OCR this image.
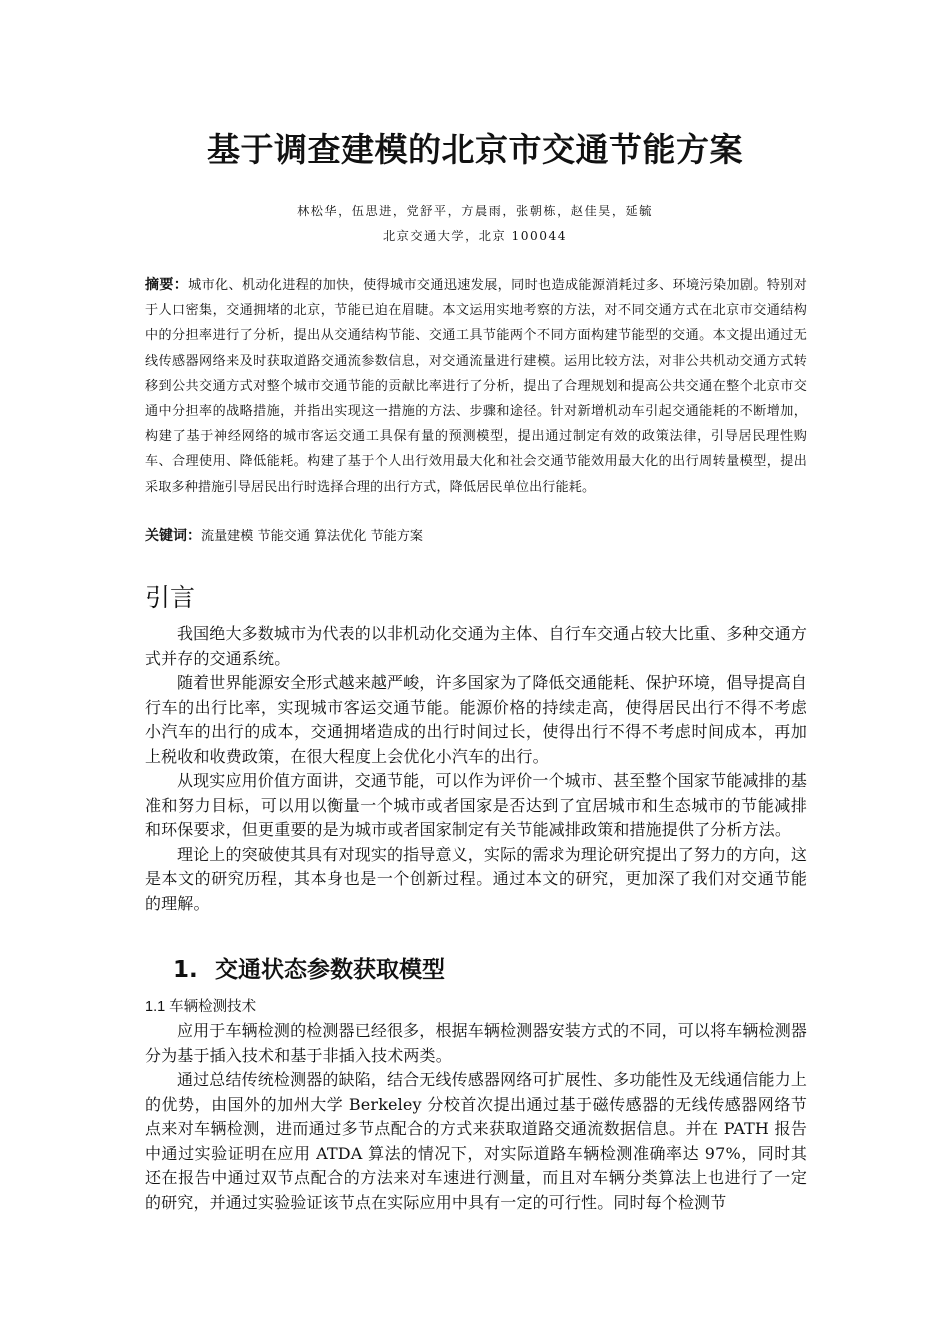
基于调查建模的北京市交通节能方案
林松华，伍思进，党舒平，方晨雨，张朝栋，赵佳昊，延毓
北京交通大学，北京 100044

摘要：城市化、机动化进程的加快，使得城市交通迅速发展，同时也造成能源消耗过多、环境污染加剧。特别对于人口密集，交通拥堵的北京，节能已迫在眉睫。本文运用实地考察的方法，对不同交通方式在北京市交通结构中的分担率进行了分析，提出从交通结构节能、交通工具节能两个不同方面构建节能型的交通。本文提出通过无线传感器网络来及时获取道路交通流参数信息，对交通流量进行建模。运用比较方法，对非公共机动交通方式转移到公共交通方式对整个城市交通节能的贡献比率进行了分析，提出了合理规划和提高公共交通在整个北京市交通中分担率的战略措施，并指出实现这一措施的方法、步骤和途径。针对新增机动车引起交通能耗的不断增加，构建了基于神经网络的城市客运交通工具保有量的预测模型，提出通过制定有效的政策法律，引导居民理性购车、合理使用、降低能耗。构建了基于个人出行效用最大化和社会交通节能效用最大化的出行周转量模型，提出采取多种措施引导居民出行时选择合理的出行方式，降低居民单位出行能耗。

关键词：流量建模 节能交通 算法优化 节能方案

引言

我国绝大多数城市为代表的以非机动化交通为主体、自行车交通占较大比重、多种交通方式并存的交通系统。

随着世界能源安全形式越来越严峻，许多国家为了降低交通能耗、保护环境，倡导提高自行车的出行比率，实现城市客运交通节能。能源价格的持续走高，使得居民出行不得不考虑小汽车的出行的成本，交通拥堵造成的出行时间过长，使得出行不得不考虑时间成本，再加上税收和收费政策，在很大程度上会优化小汽车的出行。

从现实应用价值方面讲，交通节能，可以作为评价一个城市、甚至整个国家节能减排的基准和努力目标，可以用以衡量一个城市或者国家是否达到了宜居城市和生态城市的节能减排和环保要求，但更重要的是为城市或者国家制定有关节能减排政策和措施提供了分析方法。

理论上的突破使其具有对现实的指导意义，实际的需求为理论研究提出了努力的方向，这是本文的研究历程，其本身也是一个创新过程。通过本文的研究，更加深了我们对交通节能的理解。

1. 交通状态参数获取模型
1.1 车辆检测技术

应用于车辆检测的检测器已经很多，根据车辆检测器安装方式的不同，可以将车辆检测器分为基于插入技术和基于非插入技术两类。

通过总结传统检测器的缺陷，结合无线传感器网络可扩展性、多功能性及无线通信能力上的优势，由国外的加州大学 Berkeley 分校首次提出通过基于磁传感器的无线传感器网络节点来对车辆检测，进而通过多节点配合的方式来获取道路交通流数据信息。并在 PATH 报告中通过实验证明在应用 ATDA 算法的情况下，对实际道路车辆检测准确率达 97%，同时其还在报告中通过双节点配合的方法来对车速进行测量，而且对车辆分类算法上也进行了一定的研究，并通过实验验证该节点在实际应用中具有一定的可行性。同时每个检测节
